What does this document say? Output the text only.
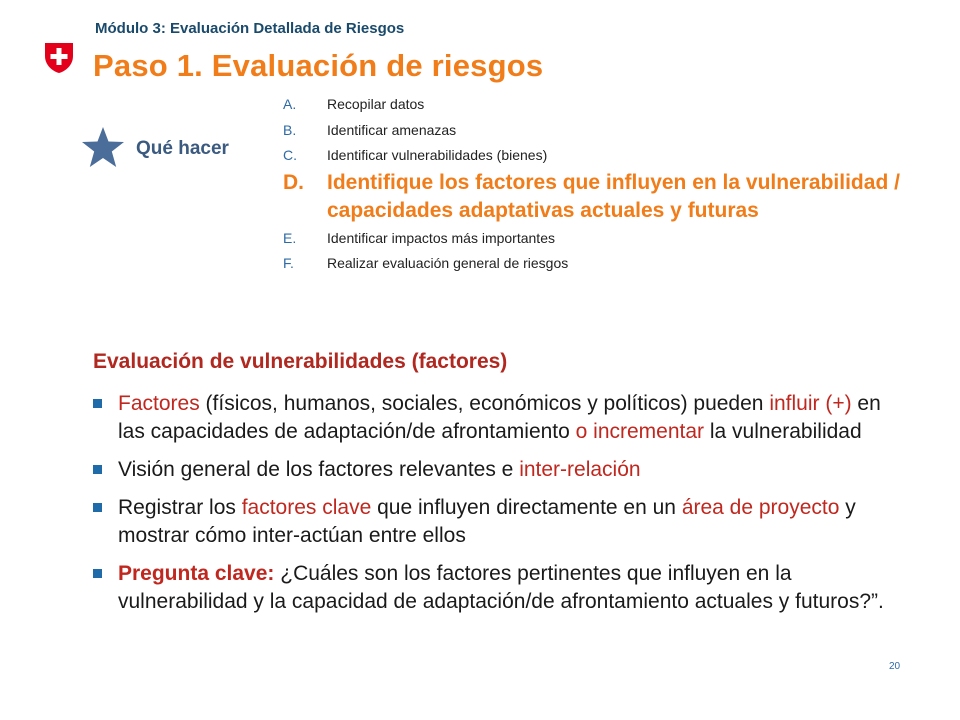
Módulo 3: Evaluación Detallada de Riesgos
Paso 1. Evaluación de riesgos
Qué hacer
A.	Recopilar datos
B.	Identificar amenazas
C.	Identificar vulnerabilidades (bienes)
D.	Identifique los factores que influyen en la vulnerabilidad / capacidades adaptativas actuales y futuras
E.	Identificar impactos más importantes
F.	Realizar evaluación general de riesgos
Evaluación de vulnerabilidades (factores)
Factores (físicos, humanos, sociales, económicos y políticos) pueden influir (+) en las capacidades de adaptación/de afrontamiento o incrementar la vulnerabilidad
Visión general de los factores relevantes e inter-relación
Registrar los factores clave que influyen directamente en un área de proyecto y mostrar cómo inter-actúan entre ellos
Pregunta clave: ¿Cuáles son los factores pertinentes que influyen en la vulnerabilidad y la capacidad de adaptación/de afrontamiento actuales y futuros?”.
20
